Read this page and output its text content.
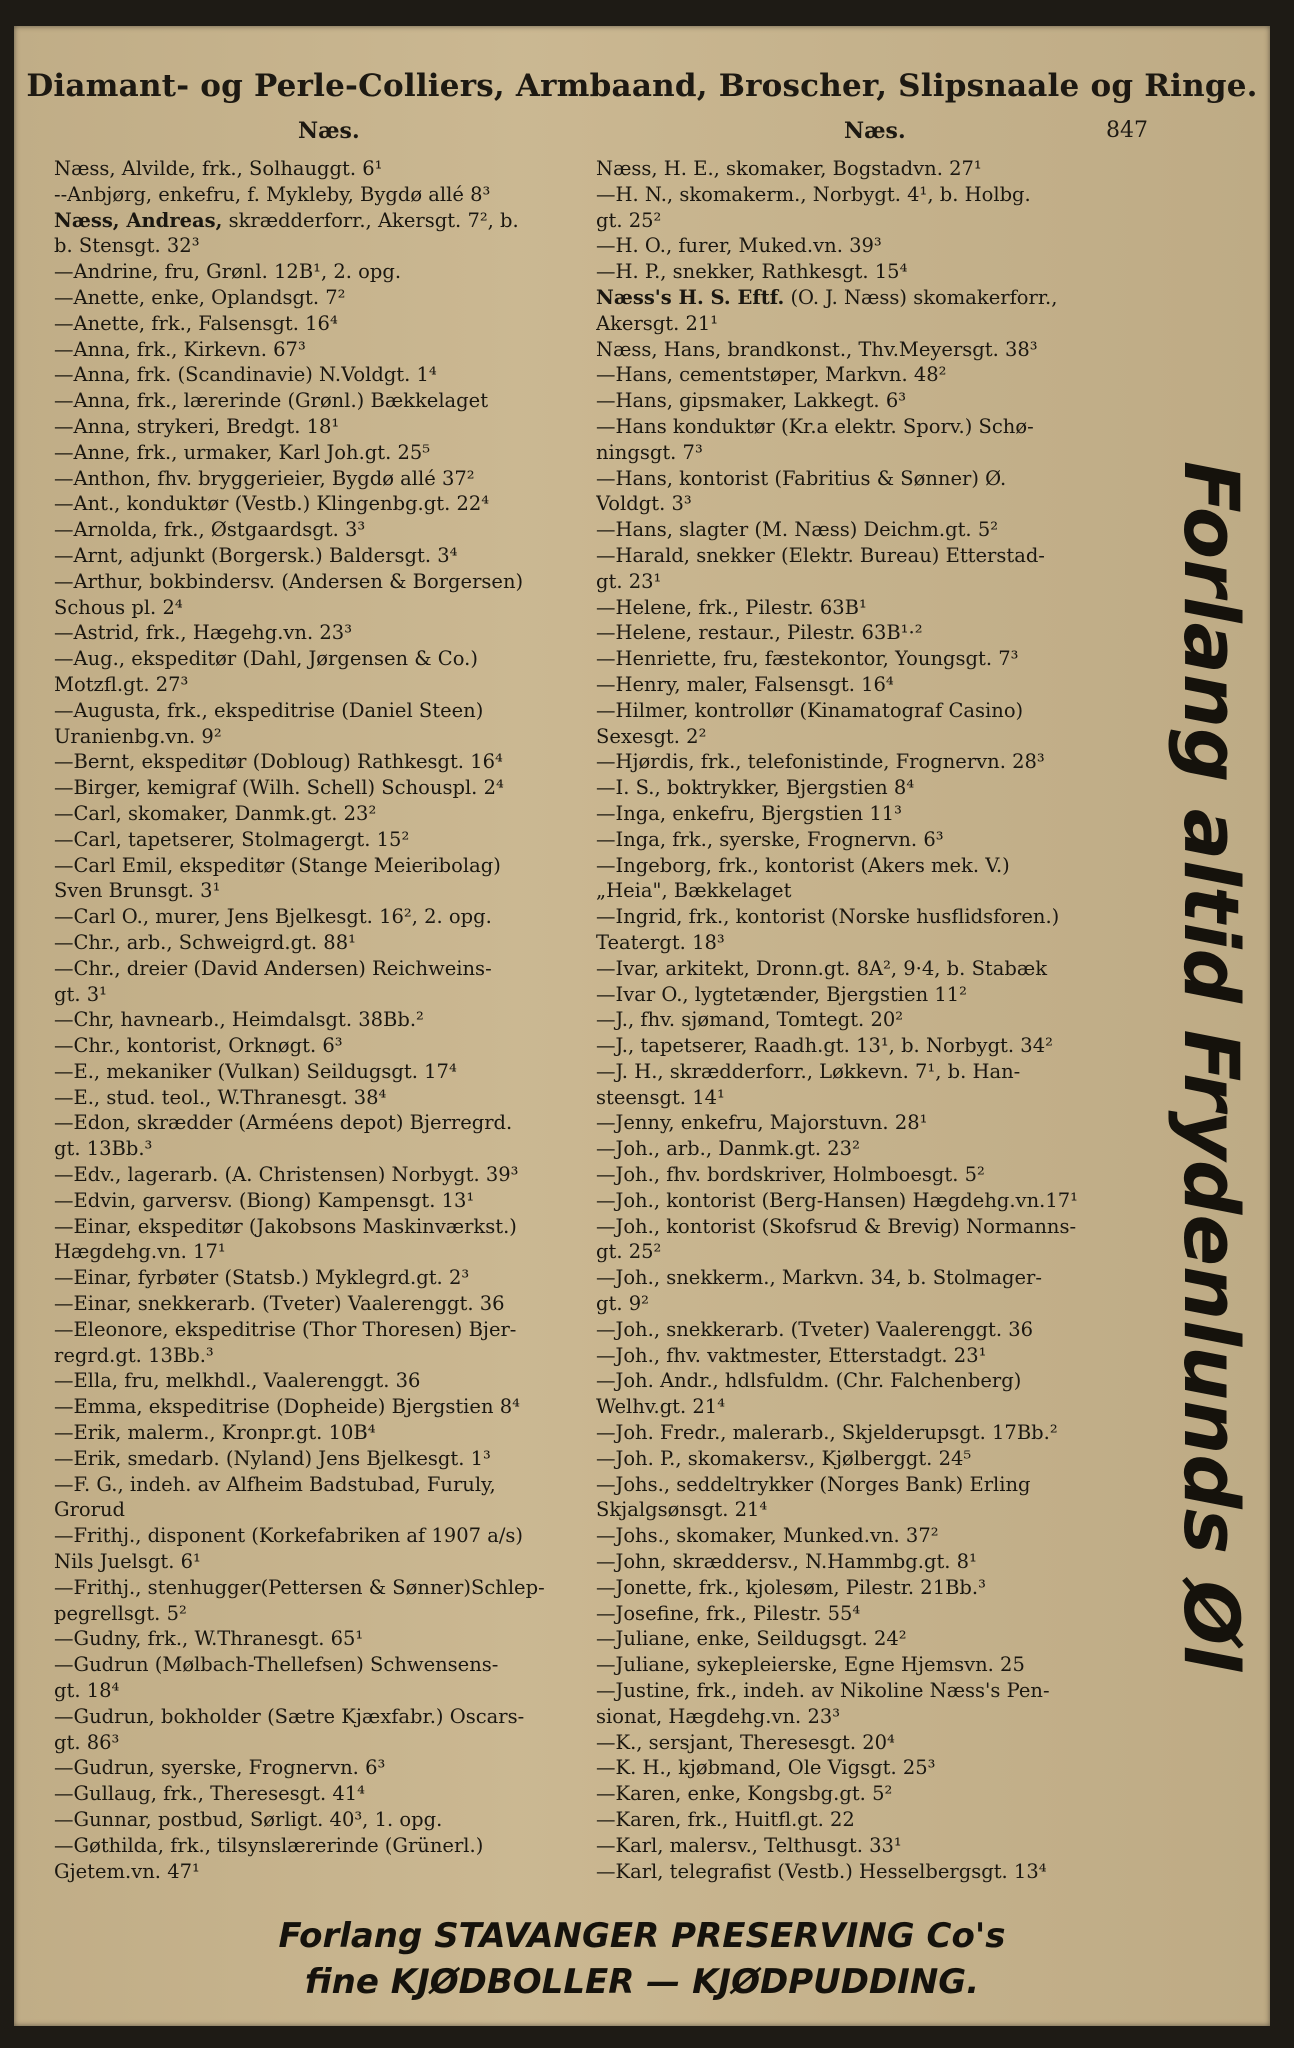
Diamant- og Perle-Colliers, Armbaand, Broscher, Slipsnaale og Ringe.
Næs.	Næs.	847
Næss, Alvilde, frk., Solhauggt. 6¹
--Anbjørg, enkefru, f. Mykleby, Bygdø allé 8³
Næss, Andreas, skrædderforr., Akersgt. 7², b.
b. Stensgt. 32³
—Andrine, fru, Grønl. 12B¹, 2. opg.
—Anette, enke, Oplandsgt. 7²
—Anette, frk., Falsensgt. 16⁴
—Anna, frk., Kirkevn. 67³
—Anna, frk. (Scandinavie) N.Voldgt. 1⁴
—Anna, frk., lærerinde (Grønl.) Bækkelaget
—Anna, strykeri, Bredgt. 18¹
—Anne, frk., urmaker, Karl Joh.gt. 25⁵
—Anthon, fhv. bryggerieier, Bygdø allé 37²
—Ant., konduktør (Vestb.) Klingenbg.gt. 22⁴
—Arnolda, frk., Østgaardsgt. 3³
—Arnt, adjunkt (Borgersk.) Baldersgt. 3⁴
—Arthur, bokbindersv. (Andersen & Borgersen)
Schous pl. 2⁴
—Astrid, frk., Hægehg.vn. 23³
—Aug., ekspeditør (Dahl, Jørgensen & Co.)
Motzfl.gt. 27³
—Augusta, frk., ekspeditrise (Daniel Steen)
Uranienbg.vn. 9²
—Bernt, ekspeditør (Dobloug) Rathkesgt. 16⁴
—Birger, kemigraf (Wilh. Schell) Schouspl. 2⁴
—Carl, skomaker, Danmk.gt. 23²
—Carl, tapetserer, Stolmagergt. 15²
—Carl Emil, ekspeditør (Stange Meieribolag)
Sven Brunsgt. 3¹
—Carl O., murer, Jens Bjelkesgt. 16², 2. opg.
—Chr., arb., Schweigrd.gt. 88¹
—Chr., dreier (David Andersen) Reichweins-
gt. 3¹
—Chr, havnearb., Heimdalsgt. 38Bb.²
—Chr., kontorist, Orknøgt. 6³
—E., mekaniker (Vulkan) Seildugsgt. 17⁴
—E., stud. teol., W.Thranesgt. 38⁴
—Edon, skrædder (Arméens depot) Bjerregrd.
gt. 13Bb.³
—Edv., lagerarb. (A. Christensen) Norbygt. 39³
—Edvin, garversv. (Biong) Kampensgt. 13¹
—Einar, ekspeditør (Jakobsons Maskinværkst.)
Hægdehg.vn. 17¹
—Einar, fyrbøter (Statsb.) Myklegrd.gt. 2³
—Einar, snekkerarb. (Tveter) Vaalerenggt. 36
—Eleonore, ekspeditrise (Thor Thoresen) Bjer-
regrd.gt. 13Bb.³
—Ella, fru, melkhdl., Vaalerenggt. 36
—Emma, ekspeditrise (Dopheide) Bjergstien 8⁴
—Erik, malerm., Kronpr.gt. 10B⁴
—Erik, smedarb. (Nyland) Jens Bjelkesgt. 1³
—F. G., indeh. av Alfheim Badstubad, Furuly,
Grorud
—Frithj., disponent (Korkefabriken af 1907 a/s)
Nils Juelsgt. 6¹
—Frithj., stenhugger(Pettersen & Sønner)Schlep-
pegrellsgt. 5²
—Gudny, frk., W.Thranesgt. 65¹
—Gudrun (Mølbach-Thellefsen) Schwensens-
gt. 18⁴
—Gudrun, bokholder (Sætre Kjæxfabr.) Oscars-
gt. 86³
—Gudrun, syerske, Frognervn. 6³
—Gullaug, frk., Theresesgt. 41⁴
—Gunnar, postbud, Sørligt. 40³, 1. opg.
—Gøthilda, frk., tilsynslærerinde (Grünerl.)
Gjetem.vn. 47¹
Næss, H. E., skomaker, Bogstadvn. 27¹
—H. N., skomakerm., Norbygt. 4¹, b. Holbg.
gt. 25²
—H. O., furer, Muked.vn. 39³
—H. P., snekker, Rathkesgt. 15⁴
Næss's H. S. Eftf. (O. J. Næss) skomakerforr.,
Akersgt. 21¹
Næss, Hans, brandkonst., Thv.Meyersgt. 38³
—Hans, cementstøper, Markvn. 48²
—Hans, gipsmaker, Lakkegt. 6³
—Hans konduktør (Kr.a elektr. Sporv.) Schø-
ningsgt. 7³
—Hans, kontorist (Fabritius & Sønner) Ø.
Voldgt. 3³
—Hans, slagter (M. Næss) Deichm.gt. 5²
—Harald, snekker (Elektr. Bureau) Etterstad-
gt. 23¹
—Helene, frk., Pilestr. 63B¹
—Helene, restaur., Pilestr. 63B¹·²
—Henriette, fru, fæstekontor, Youngsgt. 7³
—Henry, maler, Falsensgt. 16⁴
—Hilmer, kontrollør (Kinamatograf Casino)
Sexesgt. 2²
—Hjørdis, frk., telefonistinde, Frognervn. 28³
—I. S., boktrykker, Bjergstien 8⁴
—Inga, enkefru, Bjergstien 11³
—Inga, frk., syerske, Frognervn. 6³
—Ingeborg, frk., kontorist (Akers mek. V.)
„Heia", Bækkelaget
—Ingrid, frk., kontorist (Norske husflidsforen.)
Teatergt. 18³
—Ivar, arkitekt, Dronn.gt. 8A², 9·4, b. Stabæk
—Ivar O., lygtetænder, Bjergstien 11²
—J., fhv. sjømand, Tomtegt. 20²
—J., tapetserer, Raadh.gt. 13¹, b. Norbygt. 34²
—J. H., skrædderforr., Løkkevn. 7¹, b. Han-
steensgt. 14¹
—Jenny, enkefru, Majorstuvn. 28¹
—Joh., arb., Danmk.gt. 23²
—Joh., fhv. bordskriver, Holmboesgt. 5²
—Joh., kontorist (Berg-Hansen) Hægdehg.vn.17¹
—Joh., kontorist (Skofsrud & Brevig) Normanns-
gt. 25²
—Joh., snekkerm., Markvn. 34, b. Stolmager-
gt. 9²
—Joh., snekkerarb. (Tveter) Vaalerenggt. 36
—Joh., fhv. vaktmester, Etterstadgt. 23¹
—Joh. Andr., hdlsfuldm. (Chr. Falchenberg)
Welhv.gt. 21⁴
—Joh. Fredr., malerarb., Skjelderupsgt. 17Bb.²
—Joh. P., skomakersv., Kjølberggt. 24⁵
—Johs., seddeltrykker (Norges Bank) Erling
Skjalgsønsgt. 21⁴
—Johs., skomaker, Munked.vn. 37²
—John, skræddersv., N.Hammbg.gt. 8¹
—Jonette, frk., kjolesøm, Pilestr. 21Bb.³
—Josefine, frk., Pilestr. 55⁴
—Juliane, enke, Seildugsgt. 24²
—Juliane, sykepleierske, Egne Hjemsvn. 25
—Justine, frk., indeh. av Nikoline Næss's Pen-
sionat, Hægdehg.vn. 23³
—K., sersjant, Theresesgt. 20⁴
—K. H., kjøbmand, Ole Vigsgt. 25³
—Karen, enke, Kongsbg.gt. 5²
—Karen, frk., Huitfl.gt. 22
—Karl, malersv., Telthusgt. 33¹
—Karl, telegrafist (Vestb.) Hesselbergsgt. 13⁴
Forlang altid Frydenlunds Øl
Forlang STAVANGER PRESERVING Co's
fine KJØDBOLLER — KJØDPUDDING.
